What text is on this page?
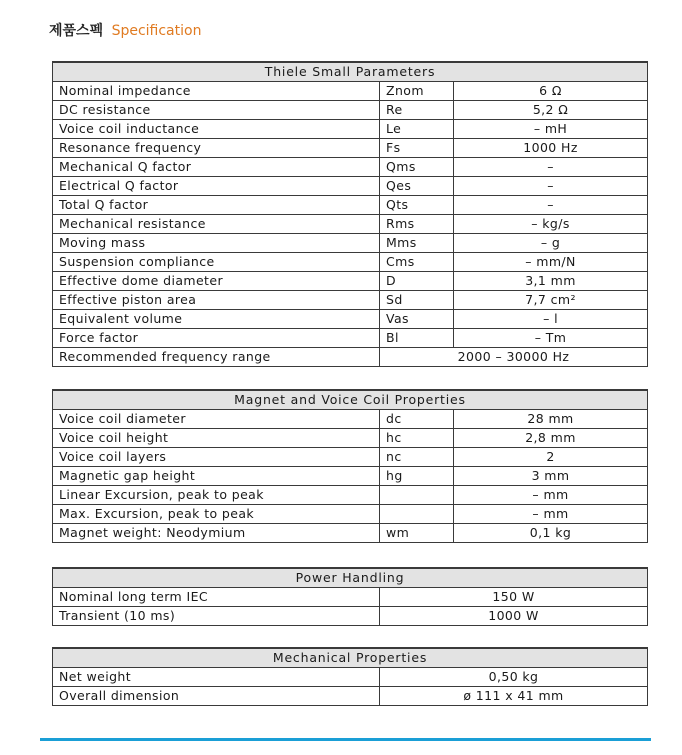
제품스펙 Specification
Thiele Small Parameters		
Nominal impedance	Znom	6 Ω
DC resistance	Re	5,2 Ω
Voice coil inductance	Le	– mH
Resonance frequency	Fs	1000 Hz
Mechanical Q factor	Qms	–
Electrical Q factor	Qes	–
Total Q factor	Qts	–
Mechanical resistance	Rms	– kg/s
Moving mass	Mms	– g
Suspension compliance	Cms	– mm/N
Effective dome diameter	D	3,1 mm
Effective piston area	Sd	7,7 cm²
Equivalent volume	Vas	– l
Force factor	Bl	– Tm
Recommended frequency range	2000 – 30000 Hz	
Magnet and Voice Coil Properties		
Voice coil diameter	dc	28 mm
Voice coil height	hc	2,8 mm
Voice coil layers	nc	2
Magnetic gap height	hg	3 mm
Linear Excursion, peak to peak		– mm
Max. Excursion, peak to peak		– mm
Magnet weight: Neodymium	wm	0,1 kg
Power Handling	
Nominal long term IEC	150 W
Transient (10 ms)	1000 W
Mechanical Properties	
Net weight	0,50 kg
Overall dimension	ø 111 x 41 mm
